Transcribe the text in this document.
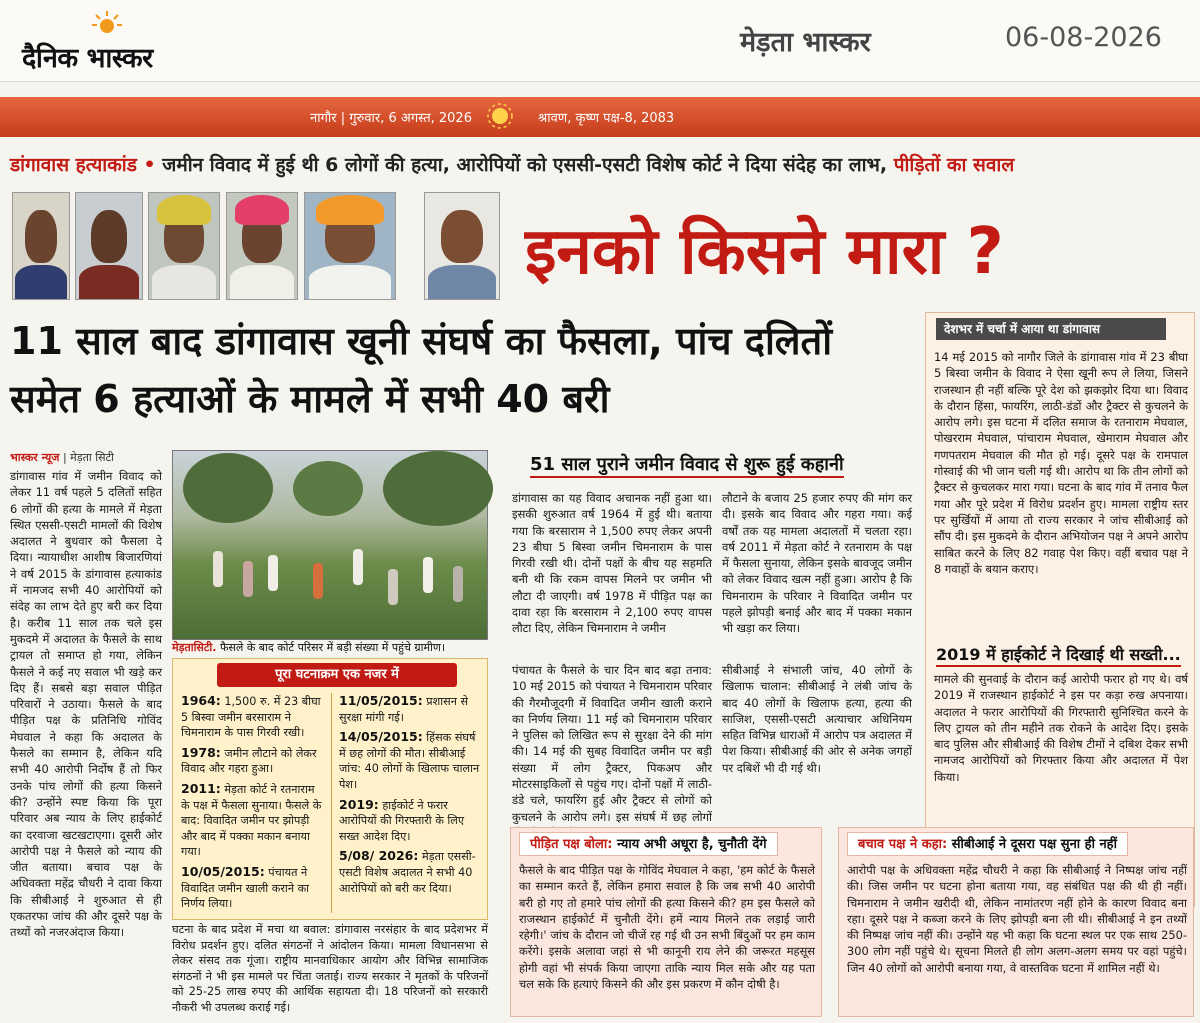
दैनिक भास्कर
मेड़ता भास्कर	06-08-2026
नागौर | गुरुवार, 6 अगस्त, 2026	श्रावण, कृष्ण पक्ष-8, 2083
डांगावास हत्याकांड • जमीन विवाद में हुई थी 6 लोगों की हत्या, आरोपियों को एससी-एसटी विशेष कोर्ट ने दिया संदेह का लाभ, पीड़ितों का सवाल
इनको किसने मारा ?
11 साल बाद डांगावास खूनी संघर्ष का फैसला, पांच दलितों समेत 6 हत्याओं के मामले में सभी 40 बरी
भास्कर न्यूज | मेड़ता सिटी
डांगावास गांव में जमीन विवाद को लेकर 11 वर्ष पहले 5 दलितों सहित 6 लोगों की हत्या के मामले में मेड़ता स्थित एससी-एसटी मामलों की विशेष अदालत ने बुधवार को फैसला दे दिया। न्यायाधीश आशीष बिजारणियां ने वर्ष 2015 के डांगावास हत्याकांड में नामजद सभी 40 आरोपियों को संदेह का लाभ देते हुए बरी कर दिया है। करीब 11 साल तक चले इस मुकदमे में अदालत के फैसले के साथ ट्रायल तो समाप्त हो गया, लेकिन फैसले ने कई नए सवाल भी खड़े कर दिए हैं। सबसे बड़ा सवाल पीड़ित परिवारों ने उठाया। फैसले के बाद पीड़ित पक्ष के प्रतिनिधि गोविंद मेघवाल ने कहा कि अदालत के फैसले का सम्मान है, लेकिन यदि सभी 40 आरोपी निर्दोष हैं तो फिर उनके पांच लोगों की हत्या किसने की? उन्होंने स्पष्ट किया कि पूरा परिवार अब न्याय के लिए हाईकोर्ट का दरवाजा खटखटाएगा। दूसरी ओर आरोपी पक्ष ने फैसले को न्याय की जीत बताया। बचाव पक्ष के अधिवक्ता महेंद्र चौधरी ने दावा किया कि सीबीआई ने शुरुआत से ही एकतरफा जांच की और दूसरे पक्ष के तथ्यों को नजरअंदाज किया।
मेड़तासिटी. फैसले के बाद कोर्ट परिसर में बड़ी संख्या में पहुंचे ग्रामीण।
पूरा घटनाक्रम एक नजर में
1964: 1,500 रु. में 23 बीघा 5 बिस्वा जमीन बरसाराम ने चिमनाराम के पास गिरवी रखी।
1978: जमीन लौटाने को लेकर विवाद और गहरा हुआ।
2011: मेड़ता कोर्ट ने रतनाराम के पक्ष में फैसला सुनाया। फैसले के बाद: विवादित जमीन पर झोपड़ी और बाद में पक्का मकान बनाया गया।
10/05/2015: पंचायत ने विवादित जमीन खाली कराने का निर्णय लिया।
11/05/2015: प्रशासन से सुरक्षा मांगी गई।
14/05/2015: हिंसक संघर्ष में छह लोगों की मौत। सीबीआई जांच: 40 लोगों के खिलाफ चालान पेश।
2019: हाईकोर्ट ने फरार आरोपियों की गिरफ्तारी के लिए सख्त आदेश दिए।
5/08/ 2026: मेड़ता एससी-एसटी विशेष अदालत ने सभी 40 आरोपियों को बरी कर दिया।
घटना के बाद प्रदेश में मचा था बवाल: डांगावास नरसंहार के बाद प्रदेशभर में विरोध प्रदर्शन हुए। दलित संगठनों ने आंदोलन किया। मामला विधानसभा से लेकर संसद तक गूंजा। राष्ट्रीय मानवाधिकार आयोग और विभिन्न सामाजिक संगठनों ने भी इस मामले पर चिंता जताई। राज्य सरकार ने मृतकों के परिजनों को 25-25 लाख रुपए की आर्थिक सहायता दी। 18 परिजनों को सरकारी नौकरी भी उपलब्ध कराई गई।
51 साल पुराने जमीन विवाद से शुरू हुई कहानी
डांगावास का यह विवाद अचानक नहीं हुआ था। इसकी शुरुआत वर्ष 1964 में हुई थी। बताया गया कि बरसाराम ने 1,500 रुपए लेकर अपनी 23 बीघा 5 बिस्वा जमीन चिमनाराम के पास गिरवी रखी थी। दोनों पक्षों के बीच यह सहमति बनी थी कि रकम वापस मिलने पर जमीन भी लौटा दी जाएगी। वर्ष 1978 में पीड़ित पक्ष का दावा रहा कि बरसाराम ने 2,100 रुपए वापस लौटा दिए, लेकिन चिमनाराम ने जमीन
लौटाने के बजाय 25 हजार रुपए की मांग कर दी। इसके बाद विवाद और गहरा गया। कई वर्षों तक यह मामला अदालतों में चलता रहा। वर्ष 2011 में मेड़ता कोर्ट ने रतनाराम के पक्ष में फैसला सुनाया, लेकिन इसके बावजूद जमीन को लेकर विवाद खत्म नहीं हुआ। आरोप है कि चिमनाराम के परिवार ने विवादित जमीन पर पहले झोपड़ी बनाई और बाद में पक्का मकान भी खड़ा कर लिया।
पंचायत के फैसले के चार दिन बाद बढ़ा तनाव: 10 मई 2015 को पंचायत ने चिमनाराम परिवार की गैरमौजूदगी में विवादित जमीन खाली कराने का निर्णय लिया। 11 मई को चिमनाराम परिवार ने पुलिस को लिखित रूप से सुरक्षा देने की मांग की। 14 मई की सुबह विवादित जमीन पर बड़ी संख्या में लोग ट्रैक्टर, पिकअप और मोटरसाइकिलों से पहुंच गए। दोनों पक्षों में लाठी-डंडे चले, फायरिंग हुई और ट्रैक्टर से लोगों को कुचलने के आरोप लगे। इस संघर्ष में छह लोगों
सीबीआई ने संभाली जांच, 40 लोगों के खिलाफ चालान: सीबीआई ने लंबी जांच के बाद 40 लोगों के खिलाफ हत्या, हत्या की साजिश, एससी-एसटी अत्याचार अधिनियम सहित विभिन्न धाराओं में आरोप पत्र अदालत में पेश किया। सीबीआई की ओर से अनेक जगहों पर दबिशें भी दी गई थी।
देशभर में चर्चा में आया था डांगावास
14 मई 2015 को नागौर जिले के डांगावास गांव में 23 बीघा 5 बिस्वा जमीन के विवाद ने ऐसा खूनी रूप ले लिया, जिसने राजस्थान ही नहीं बल्कि पूरे देश को झकझोर दिया था। विवाद के दौरान हिंसा, फायरिंग, लाठी-डंडों और ट्रैक्टर से कुचलने के आरोप लगे। इस घटना में दलित समाज के रतनाराम मेघवाल, पोखरराम मेघवाल, पांचाराम मेघवाल, खेमाराम मेघवाल और गणपतराम मेघवाल की मौत हो गई। दूसरे पक्ष के रामपाल गोस्वाई की भी जान चली गई थी। आरोप था कि तीन लोगों को ट्रैक्टर से कुचलकर मारा गया। घटना के बाद गांव में तनाव फैल गया और पूरे प्रदेश में विरोध प्रदर्शन हुए। मामला राष्ट्रीय स्तर पर सुर्खियों में आया तो राज्य सरकार ने जांच सीबीआई को सौंप दी। इस मुकदमे के दौरान अभियोजन पक्ष ने अपने आरोप साबित करने के लिए 82 गवाह पेश किए। वहीं बचाव पक्ष ने 8 गवाहों के बयान कराए।
2019 में हाईकोर्ट ने दिखाई थी सख्ती...
मामले की सुनवाई के दौरान कई आरोपी फरार हो गए थे। वर्ष 2019 में राजस्थान हाईकोर्ट ने इस पर कड़ा रुख अपनाया। अदालत ने फरार आरोपियों की गिरफ्तारी सुनिश्चित करने के लिए ट्रायल को तीन महीने तक रोकने के आदेश दिए। इसके बाद पुलिस और सीबीआई की विशेष टीमों ने दबिश देकर सभी नामजद आरोपियों को गिरफ्तार किया और अदालत में पेश किया।
पीड़ित पक्ष बोला: न्याय अभी अधूरा है, चुनौती देंगे
फैसले के बाद पीड़ित पक्ष के गोविंद मेघवाल ने कहा, 'हम कोर्ट के फैसले का सम्मान करते हैं, लेकिन हमारा सवाल है कि जब सभी 40 आरोपी बरी हो गए तो हमारे पांच लोगों की हत्या किसने की? हम इस फैसले को राजस्थान हाईकोर्ट में चुनौती देंगे। हमें न्याय मिलने तक लड़ाई जारी रहेगी।' जांच के दौरान जो चीजें रह गई थी उन सभी बिंदुओं पर हम काम करेंगे। इसके अलावा जहां से भी कानूनी राय लेने की जरूरत महसूस होगी वहां भी संपर्क किया जाएगा ताकि न्याय मिल सके और यह पता चल सके कि हत्याएं किसने की और इस प्रकरण में कौन दोषी है।
बचाव पक्ष ने कहा: सीबीआई ने दूसरा पक्ष सुना ही नहीं
आरोपी पक्ष के अधिवक्ता महेंद्र चौधरी ने कहा कि सीबीआई ने निष्पक्ष जांच नहीं की। जिस जमीन पर घटना होना बताया गया, वह संबंधित पक्ष की थी ही नहीं। चिमनाराम ने जमीन खरीदी थी, लेकिन नामांतरण नहीं होने के कारण विवाद बना रहा। दूसरे पक्ष ने कब्जा करने के लिए झोपड़ी बना ली थी। सीबीआई ने इन तथ्यों की निष्पक्ष जांच नहीं की। उन्होंने यह भी कहा कि घटना स्थल पर एक साथ 250-300 लोग नहीं पहुंचे थे। सूचना मिलते ही लोग अलग-अलग समय पर वहां पहुंचे। जिन 40 लोगों को आरोपी बनाया गया, वे वास्तविक घटना में शामिल नहीं थे।
